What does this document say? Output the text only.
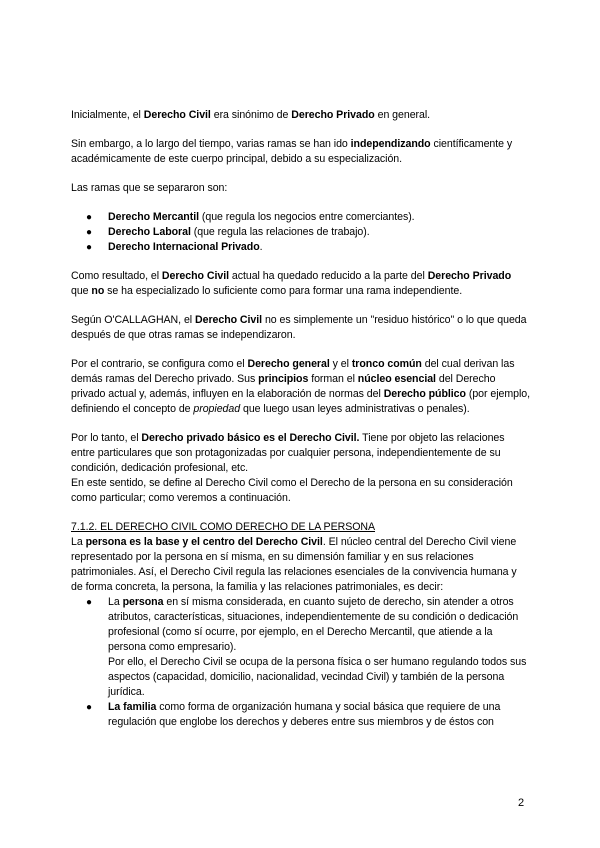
Inicialmente, el Derecho Civil era sinónimo de Derecho Privado en general.

Sin embargo, a lo largo del tiempo, varias ramas se han ido independizando científicamente y académicamente de este cuerpo principal, debido a su especialización.

Las ramas que se separaron son:

● Derecho Mercantil (que regula los negocios entre comerciantes).
● Derecho Laboral (que regula las relaciones de trabajo).
● Derecho Internacional Privado.

Como resultado, el Derecho Civil actual ha quedado reducido a la parte del Derecho Privado que no se ha especializado lo suficiente como para formar una rama independiente.

Según O'CALLAGHAN, el Derecho Civil no es simplemente un "residuo histórico" o lo que queda después de que otras ramas se independizaron.

Por el contrario, se configura como el Derecho general y el tronco común del cual derivan las demás ramas del Derecho privado. Sus principios forman el núcleo esencial del Derecho privado actual y, además, influyen en la elaboración de normas del Derecho público (por ejemplo, definiendo el concepto de propiedad que luego usan leyes administrativas o penales).

Por lo tanto, el Derecho privado básico es el Derecho Civil. Tiene por objeto las relaciones entre particulares que son protagonizadas por cualquier persona, independientemente de su condición, dedicación profesional, etc.

En este sentido, se define al Derecho Civil como el Derecho de la persona en su consideración como particular; como veremos a continuación.

7.1.2. EL DERECHO CIVIL COMO DERECHO DE LA PERSONA

La persona es la base y el centro del Derecho Civil. El núcleo central del Derecho Civil viene representado por la persona en sí misma, en su dimensión familiar y en sus relaciones patrimoniales. Así, el Derecho Civil regula las relaciones esenciales de la convivencia humana y de forma concreta, la persona, la familia y las relaciones patrimoniales, es decir:

● La persona en sí misma considerada, en cuanto sujeto de derecho, sin atender a otros atributos, características, situaciones, independientemente de su condición o dedicación profesional (como sí ocurre, por ejemplo, en el Derecho Mercantil, que atiende a la persona como empresario).
Por ello, el Derecho Civil se ocupa de la persona física o ser humano regulando todos sus aspectos (capacidad, domicilio, nacionalidad, vecindad Civil) y también de la persona jurídica.
● La familia como forma de organización humana y social básica que requiere de una regulación que englobe los derechos y deberes entre sus miembros y de éstos con
2
